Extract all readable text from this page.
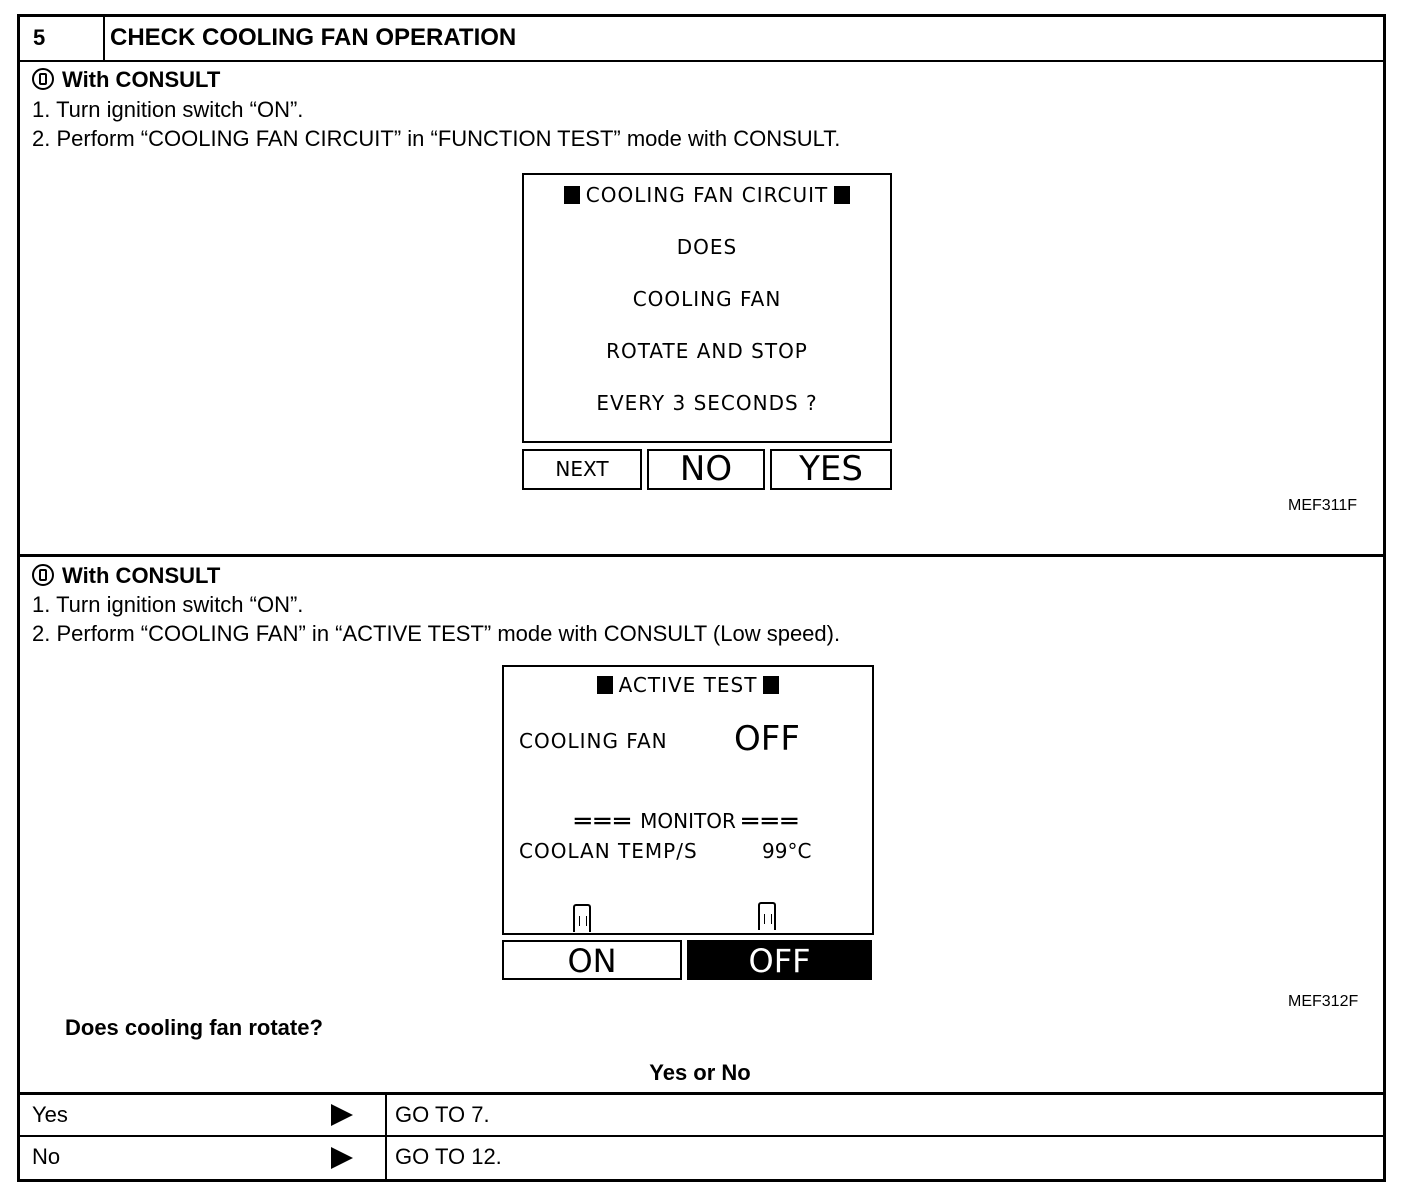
5	CHECK COOLING FAN OPERATION
With CONSULT
1. Turn ignition switch “ON”.
2. Perform “COOLING FAN CIRCUIT” in “FUNCTION TEST” mode with CONSULT.
COOLING FAN CIRCUIT
DOES
COOLING FAN
ROTATE AND STOP
EVERY 3 SECONDS ?
NEXT	NO	YES
MEF311F
With CONSULT
1. Turn ignition switch “ON”.
2. Perform “COOLING FAN” in “ACTIVE TEST” mode with CONSULT (Low speed).
ACTIVE TEST
COOLING FAN OFF
═══ MONITOR ═══
COOLAN TEMP/S	99°C
ON	OFF
MEF312F
Does cooling fan rotate?
Yes or No
Yes	GO TO 7.
No	GO TO 12.
